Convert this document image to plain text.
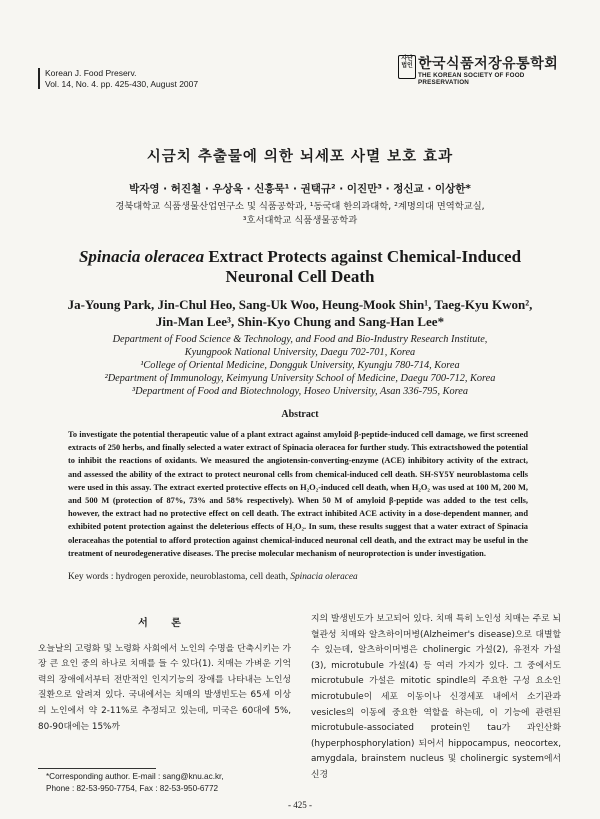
Korean J. Food Preserv.
Vol. 14, No. 4. pp. 425-430, August 2007
사단법인 한국식품저장유통학회
THE KOREAN SOCIETY OF FOOD PRESERVATION
시금치 추출물에 의한 뇌세포 사멸 보호 효과
박자영 · 허진철 · 우상욱 · 신흥묵¹ · 권택규² · 이진만³ · 정신교 · 이상한*
경북대학교 식품생물산업연구소 및 식품공학과, ¹동국대 한의과대학, ²계명의대 면역학교실,
³호서대학교 식품생물공학과
Spinacia oleracea Extract Protects against Chemical-Induced
Neuronal Cell Death
Ja-Young Park, Jin-Chul Heo, Sang-Uk Woo, Heung-Mook Shin¹, Taeg-Kyu Kwon²,
Jin-Man Lee³, Shin-Kyo Chung and Sang-Han Lee*
Department of Food Science & Technology, and Food and Bio-Industry Research Institute,
Kyungpook National University, Daegu 702-701, Korea
¹College of Oriental Medicine, Dongguk University, Kyungju 780-714, Korea
²Department of Immunology, Keimyung University School of Medicine, Daegu 700-712, Korea
³Department of Food and Biotechnology, Hoseo University, Asan 336-795, Korea
Abstract
To investigate the potential therapeutic value of a plant extract against amyloid β-peptide-induced cell damage, we first screened extracts of 250 herbs, and finally selected a water extract of Spinacia oleracea for further study. This extractshowed the potential to inhibit the reactions of oxidants. We measured the angiotensin-converting-enzyme (ACE) inhibitory activity of the extract, and assessed the ability of the extract to protect neuronal cells from chemical-induced cell death. SH-SY5Y neuroblastoma cells were used in this assay. The extract exerted protective effects on H₂O₂-induced cell death, when H₂O₂ was used at 100 M, 200 M, and 500 M (protection of 87%, 73% and 58% respectively). When 50 M of amyloid β-peptide was added to the test cells, however, the extract had no protective effect on cell death. The extract inhibited ACE activity in a dose-dependent manner, and exhibited potent protection against the deleterious effects of H₂O₂. In sum, these results suggest that a water extract of Spinacia oleraceahas the potential to afford protection against chemical-induced neuronal cell death, and the extract may be useful in the treatment of neurodegenerative diseases. The precise molecular mechanism of neuroprotection is under investigation.
Key words : hydrogen peroxide, neuroblastoma, cell death, Spinacia oleracea
서 론
오늘날의 고령화 및 노령화 사회에서 노인의 수명을 단축시키는 가장 큰 요인 중의 하나로 치매를 들 수 있다(1). 치매는 가벼운 기억력의 장애에서부터 전반적인 인지기능의 장애를 나타내는 노인성 질환으로 알려져 있다. 국내에서는 치매의 발생빈도는 65세 이상의 노인에서 약 2-11%로 추정되고 있는데, 미국은 60대에 5%, 80-90대에는 15%까
지의 발생빈도가 보고되어 있다. 치매 특히 노인성 치매는 주로 뇌혈관성 치매와 알츠하이머병(Alzheimer's disease)으로 대별할 수 있는데, 알츠하이머병은 cholinergic 가설(2), 유전자 가설(3), microtubule 가설(4) 등 여러 가지가 있다. 그 중에서도 microtubule 가설은 mitotic spindle의 주요한 구성 요소인 microtubule이 세포 이동이나 신경세포 내에서 소기관과 vesicles의 이동에 중요한 역할을 하는데, 이 기능에 관련된 microtubule-associated protein인 tau가 과인산화(hyperphosphorylation) 되어서 hippocampus, neocortex, amygdala, brainstem nucleus 및 cholinergic system에서 신경
*Corresponding author. E-mail : sang@knu.ac.kr,
Phone : 82-53-950-7754, Fax : 82-53-950-6772
- 425 -
